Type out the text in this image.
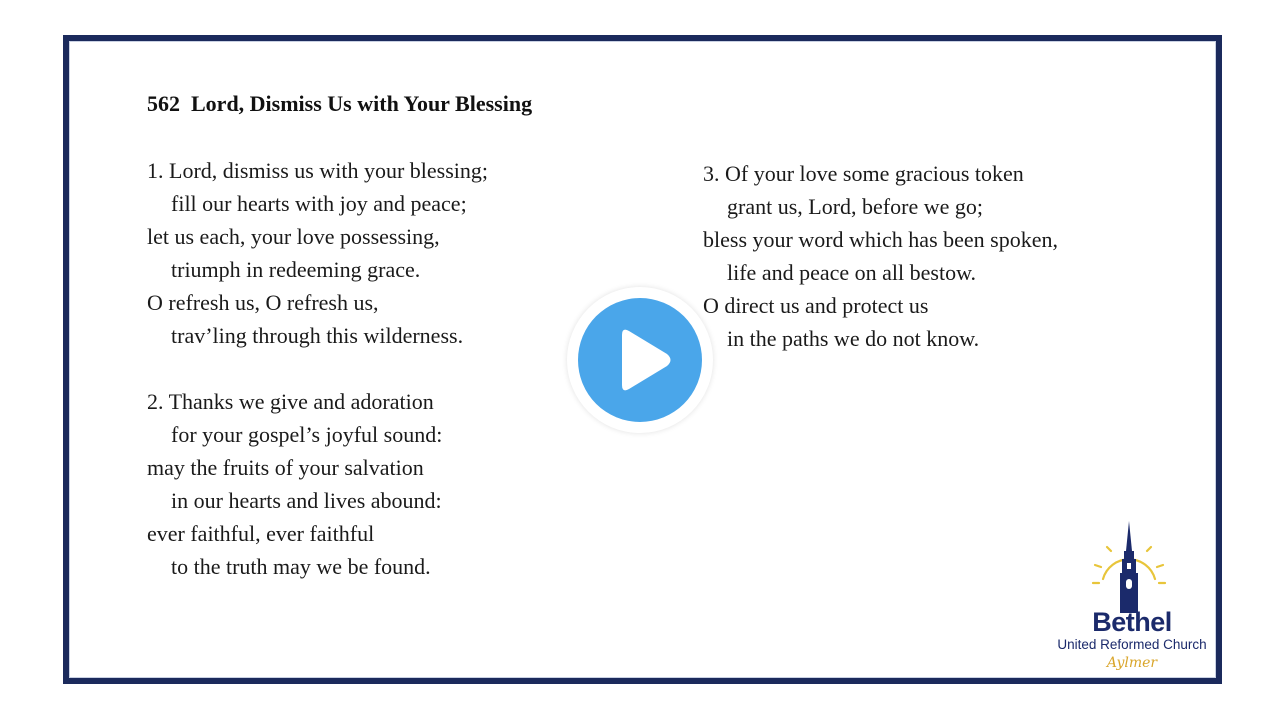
562  Lord, Dismiss Us with Your Blessing
1. Lord, dismiss us with your blessing;
fill our hearts with joy and peace;
let us each, your love possessing,
triumph in redeeming grace.
O refresh us, O refresh us,
trav’ling through this wilderness.
2. Thanks we give and adoration
for your gospel’s joyful sound:
may the fruits of your salvation
in our hearts and lives abound:
ever faithful, ever faithful
to the truth may we be found.
3. Of your love some gracious token
grant us, Lord, before we go;
bless your word which has been spoken,
life and peace on all bestow.
O direct us and protect us
in the paths we do not know.
Bethel
United Reformed Church
Aylmer
